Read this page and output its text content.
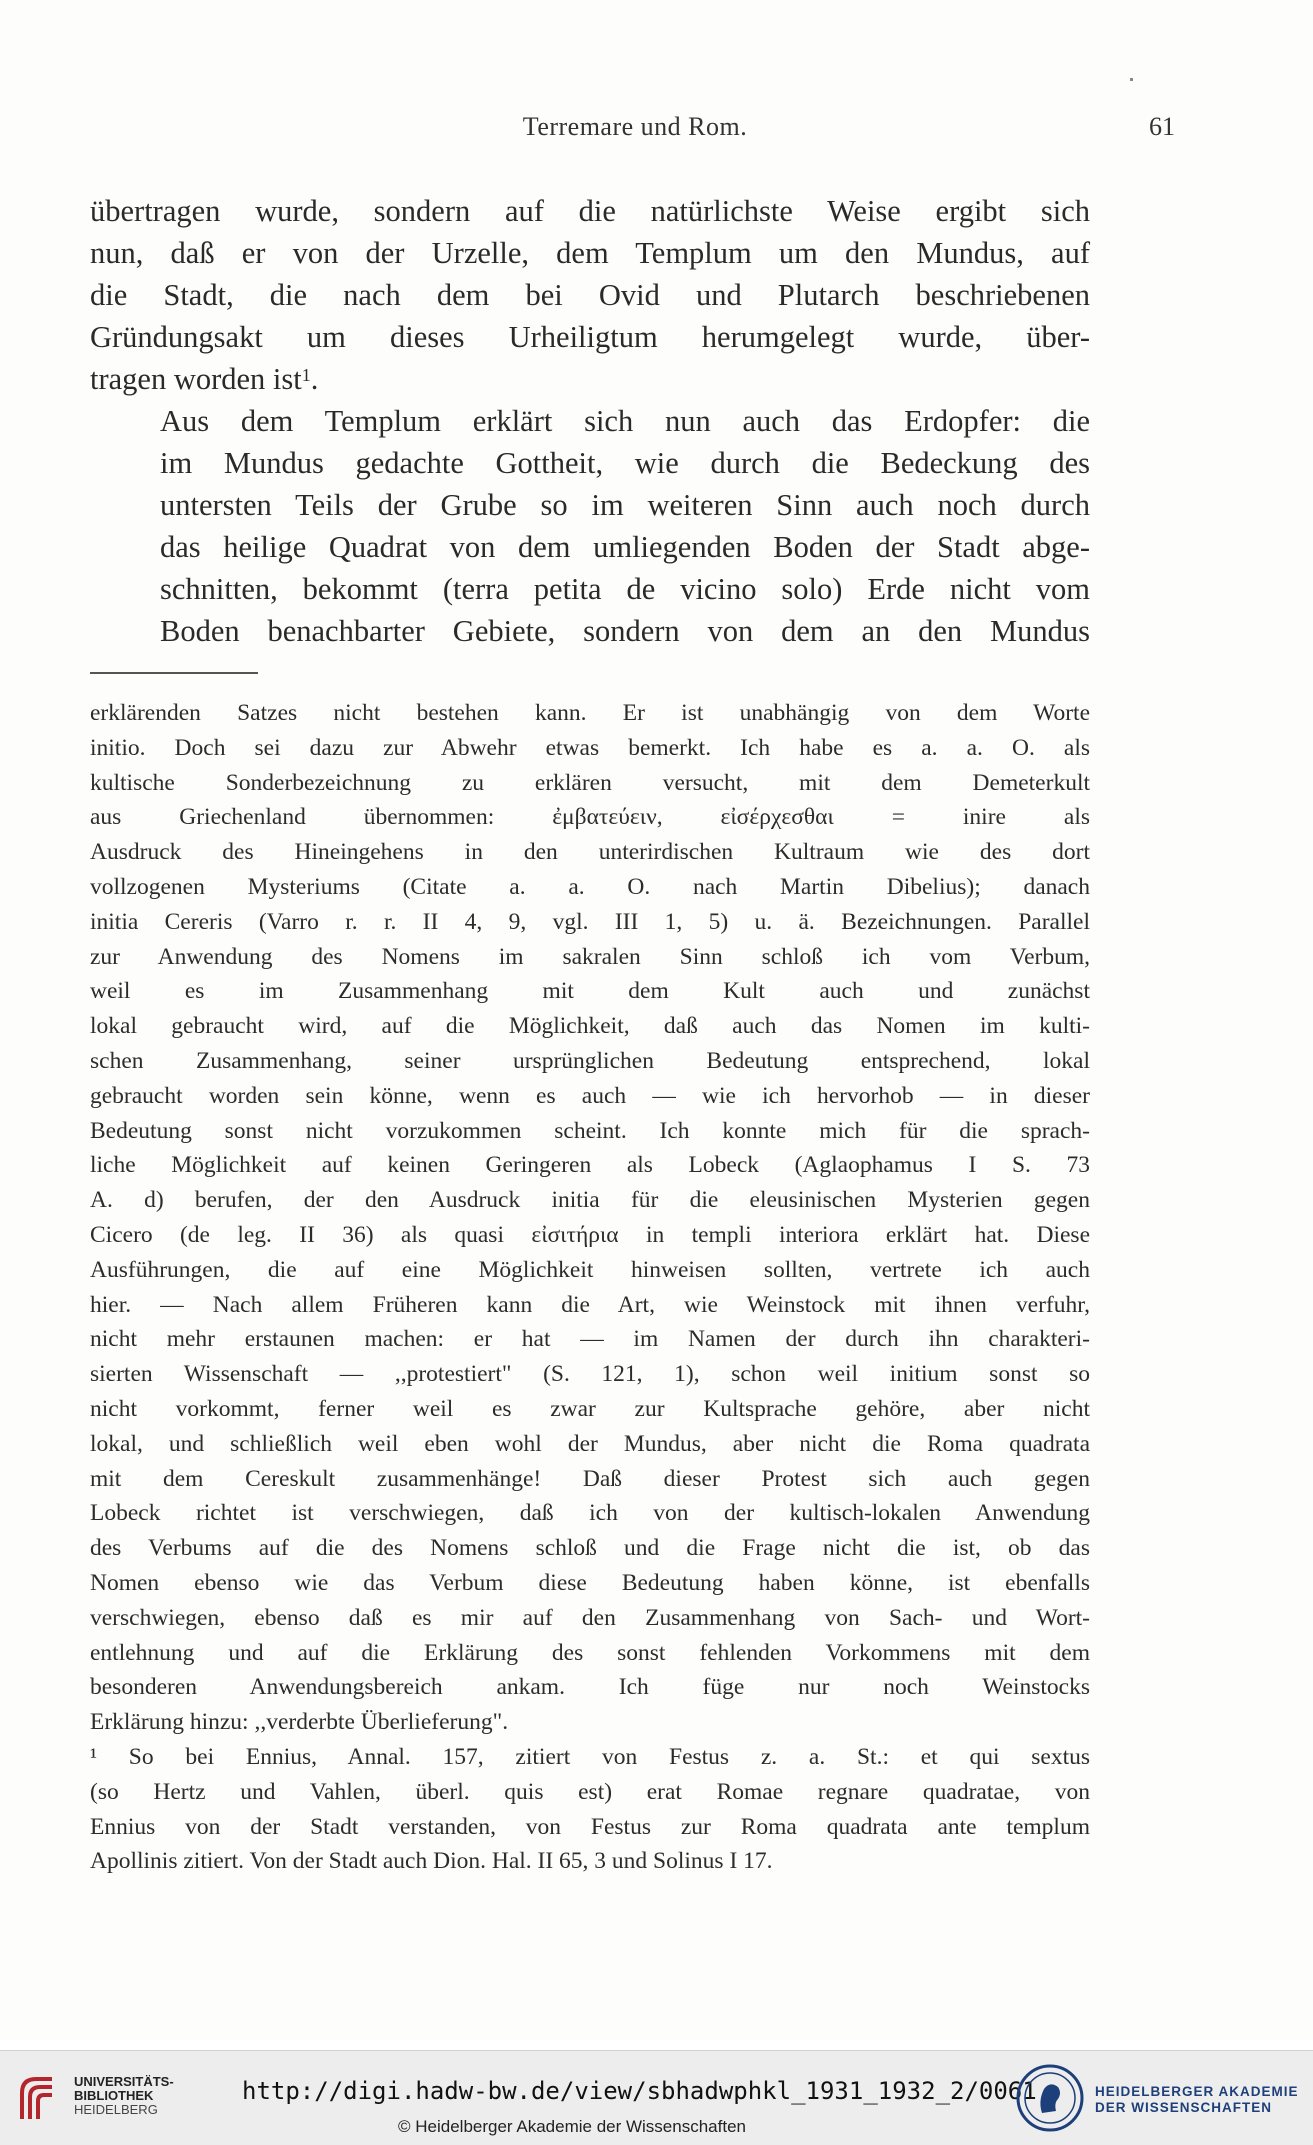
Terremare und Rom.	61

übertragen wurde, sondern auf die natürlichste Weise ergibt sich
nun, daß er von der Urzelle, dem Templum um den Mundus, auf
die Stadt, die nach dem bei Ovid und Plutarch beschriebenen
Gründungsakt um dieses Urheiligtum herumgelegt wurde, über-
tragen worden ist$^1$.

Aus dem Templum erklärt sich nun auch das Erdopfer: die
im Mundus gedachte Gottheit, wie durch die Bedeckung des
untersten Teils der Grube so im weiteren Sinn auch noch durch
das heilige Quadrat von dem umliegenden Boden der Stadt abge-
schnitten, bekommt (terra petita de vicino solo) Erde nicht vom
Boden benachbarter Gebiete, sondern von dem an den Mundus

erklärenden Satzes nicht bestehen kann. Er ist unabhängig von dem Worte
initio. Doch sei dazu zur Abwehr etwas bemerkt. Ich habe es a. a. O. als
kultische Sonderbezeichnung zu erklären versucht, mit dem Demeterkult
aus Griechenland übernommen: ἐμβατεύειν, εἰσέρχεσθαι = inire als
Ausdruck des Hineingehens in den unterirdischen Kultraum wie des dort
vollzogenen Mysteriums (Citate a. a. O. nach Martin Dibelius); danach
initia Cereris (Varro r. r. II 4, 9, vgl. III 1, 5) u. ä. Bezeichnungen. Parallel
zur Anwendung des Nomens im sakralen Sinn schloß ich vom Verbum,
weil es im Zusammenhang mit dem Kult auch und zunächst
lokal gebraucht wird, auf die Möglichkeit, daß auch das Nomen im kulti-
schen Zusammenhang, seiner ursprünglichen Bedeutung entsprechend, lokal
gebraucht worden sein könne, wenn es auch — wie ich hervorhob — in dieser
Bedeutung sonst nicht vorzukommen scheint. Ich konnte mich für die sprach-
liche Möglichkeit auf keinen Geringeren als Lobeck (Aglaophamus I S. 73
A. d) berufen, der den Ausdruck initia für die eleusinischen Mysterien gegen
Cicero (de leg. II 36) als quasi εἰσιτήρια in templi interiora erklärt hat. Diese
Ausführungen, die auf eine Möglichkeit hinweisen sollten, vertrete ich auch
hier. — Nach allem Früheren kann die Art, wie Weinstock mit ihnen verfuhr,
nicht mehr erstaunen machen: er hat — im Namen der durch ihn charakteri-
sierten Wissenschaft — ,,protestiert" (S. 121, 1), schon weil initium sonst so
nicht vorkommt, ferner weil es zwar zur Kultsprache gehöre, aber nicht
lokal, und schließlich weil eben wohl der Mundus, aber nicht die Roma quadrata
mit dem Cereskult zusammenhänge! Daß dieser Protest sich auch gegen
Lobeck richtet ist verschwiegen, daß ich von der kultisch-lokalen Anwendung
des Verbums auf die des Nomens schloß und die Frage nicht die ist, ob das
Nomen ebenso wie das Verbum diese Bedeutung haben könne, ist ebenfalls
verschwiegen, ebenso daß es mir auf den Zusammenhang von Sach- und Wort-
entlehnung und auf die Erklärung des sonst fehlenden Vorkommens mit dem
besonderen Anwendungsbereich ankam. Ich füge nur noch Weinstocks
Erklärung hinzu: ,,verderbte Überlieferung".
¹ So bei Ennius, Annal. 157, zitiert von Festus z. a. St.: et qui sextus
(so Hertz und Vahlen, überl. quis est) erat Romae regnare quadratae, von
Ennius von der Stadt verstanden, von Festus zur Roma quadrata ante templum
Apollinis zitiert. Von der Stadt auch Dion. Hal. II 65, 3 und Solinus I 17.
UNIVERSITÄTS-
BIBLIOTHEK
HEIDELBERG
http://digi.hadw-bw.de/view/sbhadwphkl_1931_1932_2/0061
© Heidelberger Akademie der Wissenschaften
HEIDELBERGER AKADEMIE
DER WISSENSCHAFTEN
